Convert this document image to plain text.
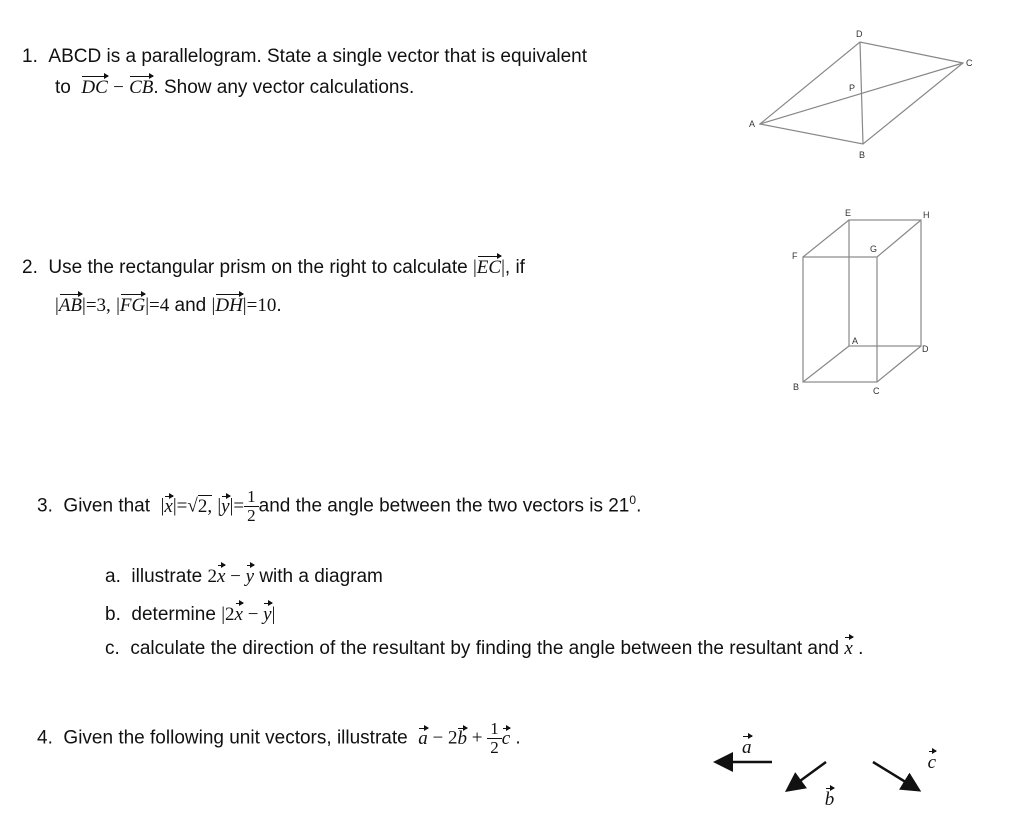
1. ABCD is a parallelogram. State a single vector that is equivalent
to DC − CB. Show any vector calculations.
2. Use the rectangular prism on the right to calculate |EC|, if
|AB|=3, |FG|=4 and |DH|=10.
3. Given that |x|=√2, $|y|= \frac{1}{2}$ and the angle between the two vectors is $21^0$.
a. illustrate 2x − y with a diagram
b. determine |2x − y|
c. calculate the direction of the resultant by finding the angle between the resultant and x .
4. Given the following unit vectors, illustrate $a - 2b + \frac{1}{2}$ c .
A
B
C
D
P
E	H
F
G
A
D
B	C
a b c
